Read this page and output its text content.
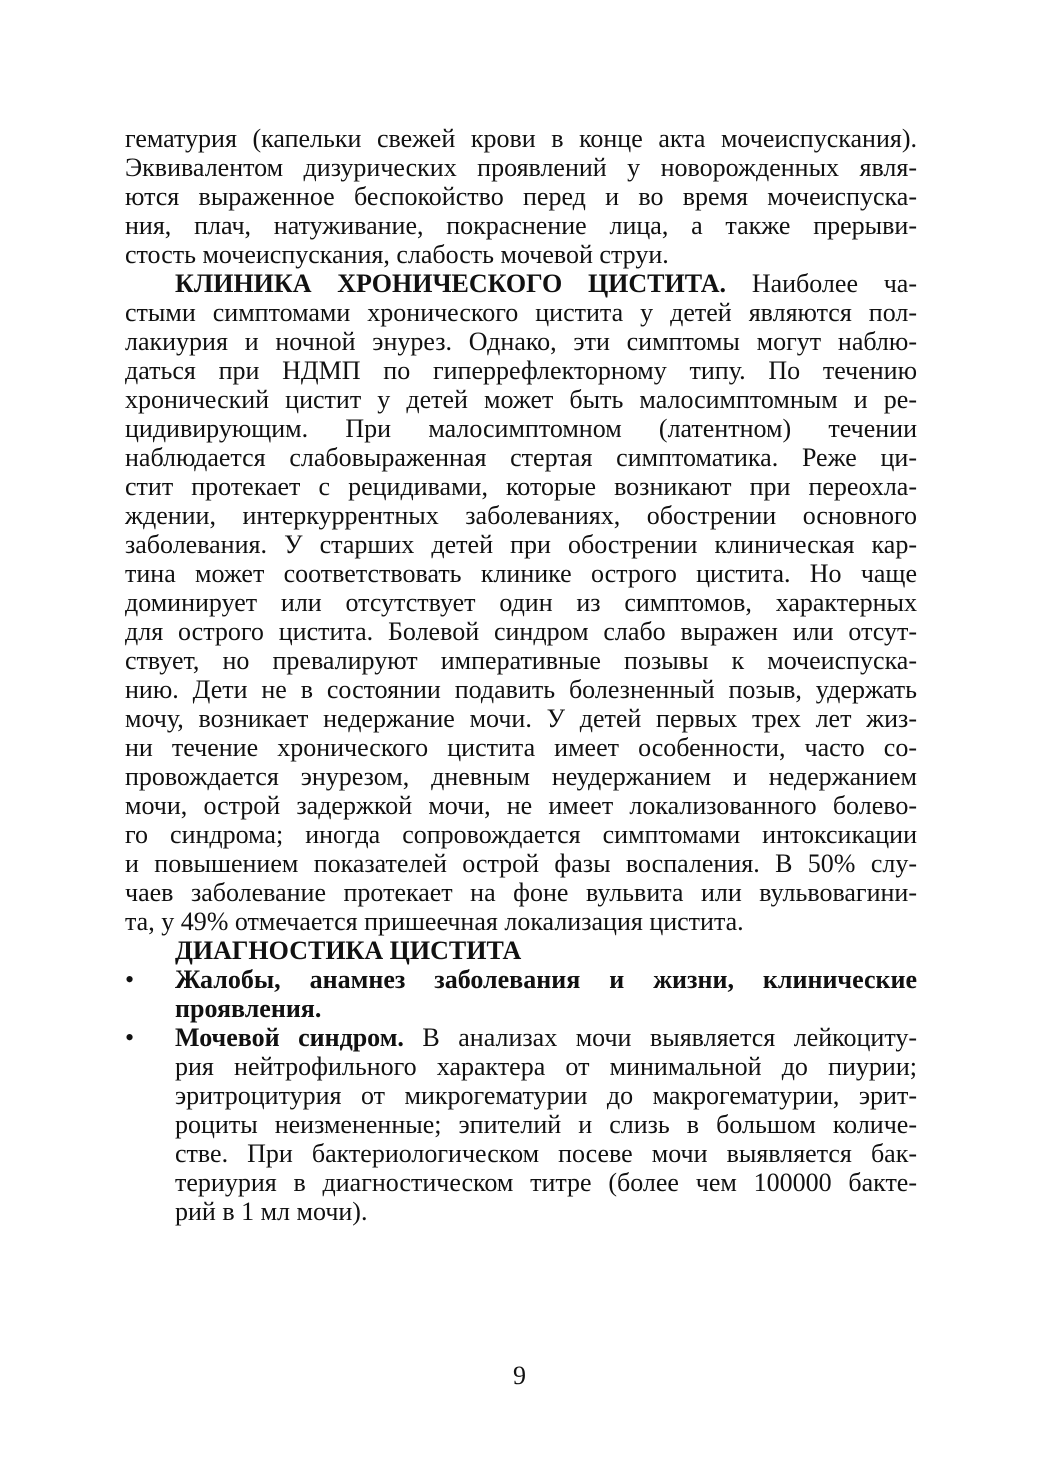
гематурия (капельки свежей крови в конце акта мочеиспускания).
Эквивалентом дизурических проявлений у новорожденных явля-
ются выраженное беспокойство перед и во время мочеиспуска-
ния, плач, натуживание, покраснение лица, а также прерыви-
стость мочеиспускания, слабость мочевой струи.
КЛИНИКА ХРОНИЧЕСКОГО ЦИСТИТА. Наиболее ча-
стыми симптомами хронического цистита у детей являются пол-
лакиурия и ночной энурез. Однако, эти симптомы могут наблю-
даться при НДМП по гиперрефлекторному типу. По течению
хронический цистит у детей может быть малосимптомным и ре-
цидивирующим. При малосимптомном (латентном) течении
наблюдается слабовыраженная стертая симптоматика. Реже ци-
стит протекает с рецидивами, которые возникают при переохла-
ждении, интеркуррентных заболеваниях, обострении основного
заболевания. У старших детей при обострении клиническая кар-
тина может соответствовать клинике острого цистита. Но чаще
доминирует или отсутствует один из симптомов, характерных
для острого цистита. Болевой синдром слабо выражен или отсут-
ствует, но превалируют императивные позывы к мочеиспуска-
нию. Дети не в состоянии подавить болезненный позыв, удержать
мочу, возникает недержание мочи. У детей первых трех лет жиз-
ни течение хронического цистита имеет особенности, часто со-
провождается энурезом, дневным неудержанием и недержанием
мочи, острой задержкой мочи, не имеет локализованного болево-
го синдрома; иногда сопровождается симптомами интоксикации
и повышением показателей острой фазы воспаления. В 50% слу-
чаев заболевание протекает на фоне вульвита или вульвовагини-
та, у 49% отмечается пришеечная локализация цистита.
ДИАГНОСТИКА ЦИСТИТА
•	Жалобы, анамнез заболевания и жизни, клинические
проявления.
•	Мочевой синдром. В анализах мочи выявляется лейкоциту-
рия нейтрофильного характера от минимальной до пиурии;
эритроцитурия от микрогематурии до макрогематурии, эрит-
роциты неизмененные; эпителий и слизь в большом количе-
стве. При бактериологическом посеве мочи выявляется бак-
териурия в диагностическом титре (более чем 100000 бакте-
рий в 1 мл мочи).
9
